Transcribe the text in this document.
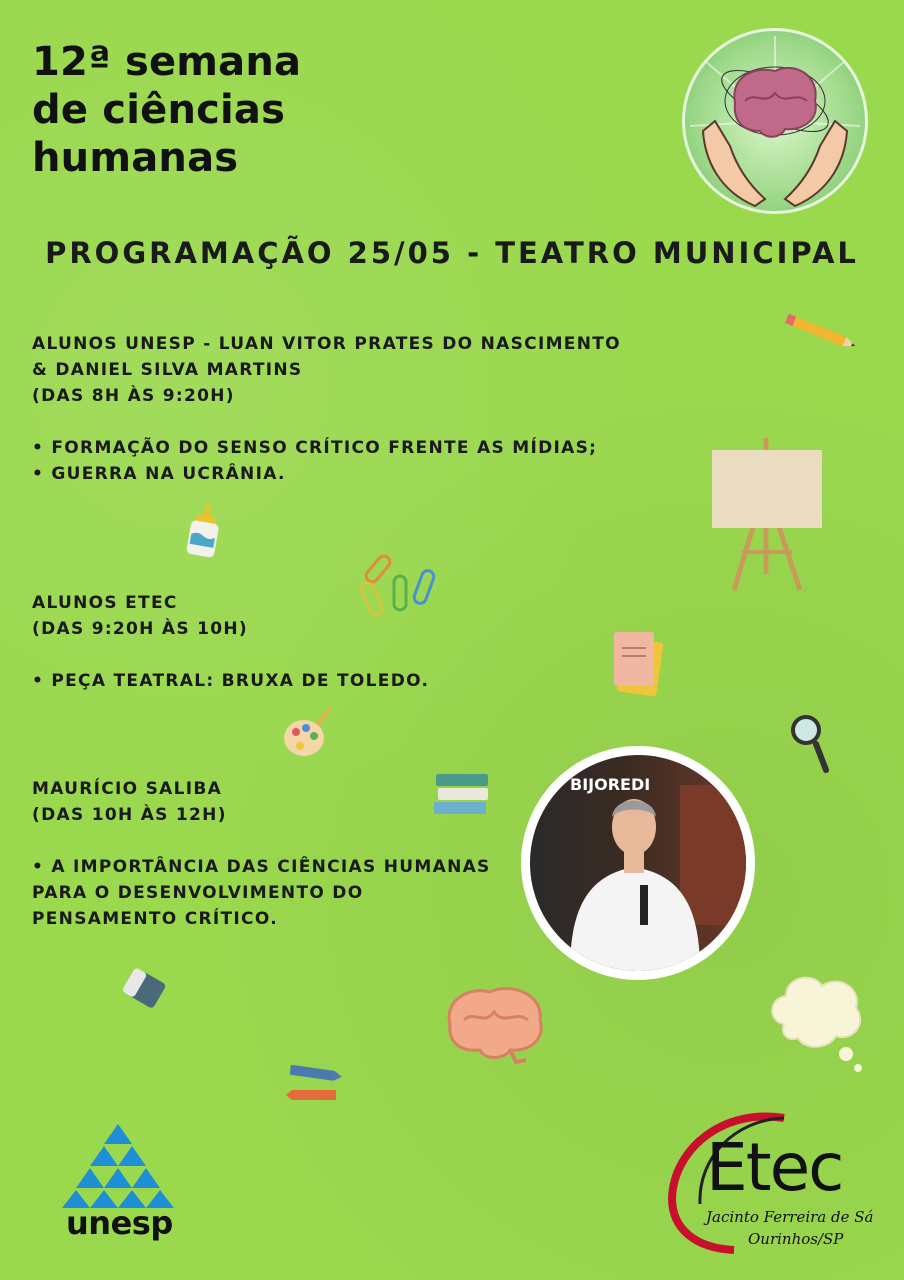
12ª semana
de ciências
humanas
PROGRAMAÇÃO 25/05 - TEATRO MUNICIPAL

ALUNOS UNESP - LUAN VITOR PRATES DO NASCIMENTO

& DANIEL SILVA MARTINS

(DAS 8H ÀS 9:20H)

• FORMAÇÃO DO SENSO CRÍTICO FRENTE AS MÍDIAS;

• GUERRA NA UCRÂNIA.

ALUNOS ETEC

(DAS 9:20H ÀS 10H)

• PEÇA TEATRAL: BRUXA DE TOLEDO.

MAURÍCIO SALIBA

(DAS 10H ÀS 12H)

• A IMPORTÂNCIA DAS CIÊNCIAS HUMANAS

PARA O DESENVOLVIMENTO DO

PENSAMENTO CRÍTICO.

BIJOREDI
unesp
Etec
Jacinto Ferreira de Sá
Ourinhos/SP
